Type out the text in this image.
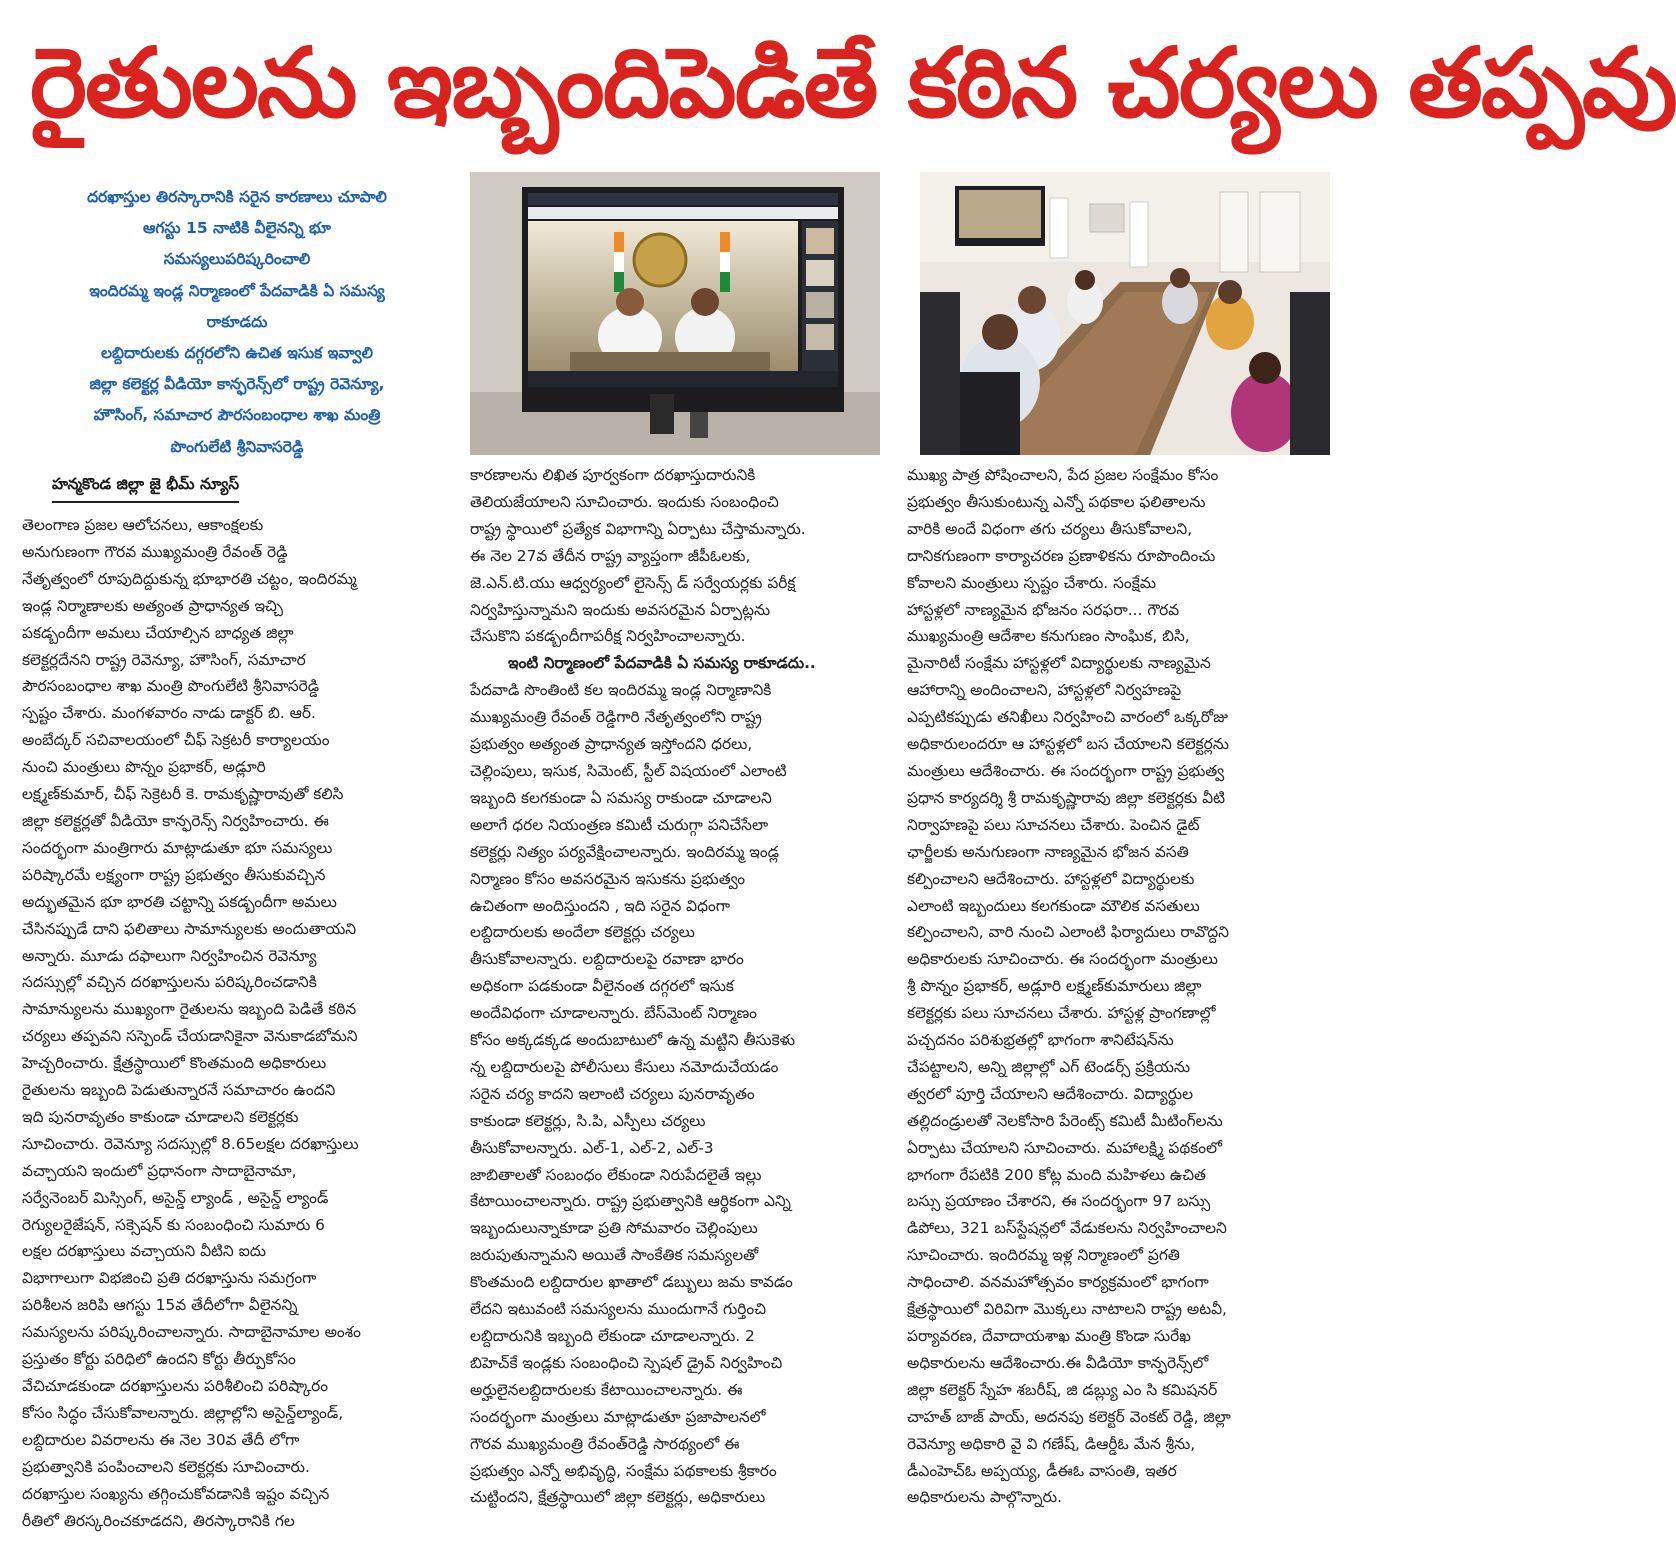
రైతులను ఇబ్బందిపెడితే కఠిన చర్యలు తప్పవు
దరఖాస్తుల తిరస్కారానికి సరైన కారణాలు చూపాలి
ఆగస్టు 15 నాటికి వీలైనన్ని భూ
సమస్యలుపరిష్కరించాలి
ఇందిరమ్మ ఇండ్ల నిర్మాణంలో పేదవాడికి ఏ సమస్య
రాకూడదు
లబ్దిదారులకు దగ్గరలోని ఉచిత ఇసుక ఇవ్వాలి
జిల్లా కలెక్టర్ల వీడియో కాన్ఫరెన్స్‌లో రాష్ట్ర రెవెన్యూ,
హౌసింగ్, సమాచార పౌరసంబంధాల శాఖ మంత్రి
పొంగులేటి శ్రీనివాసరెడ్డి
హన్మకొండ జిల్లా జై భీమ్ న్యూస్
తెలంగాణ ప్రజల ఆలోచనలు, ఆకాంక్షలకు
అనుగుణంగా గౌరవ ముఖ్యమంత్రి రేవంత్ రెడ్డి
నేతృత్వంలో రూపుదిద్దుకున్న భూభారతి చట్టం, ఇందిరమ్మ
ఇండ్ల నిర్మాణాలకు అత్యంత ప్రాధాన్యత ఇచ్చి
పకడ్బందీగా అమలు చేయాల్సిన బాధ్యత జిల్లా
కలెక్టర్లదేనని రాష్ట్ర రెవెన్యూ, హౌసింగ్, సమాచార
పౌరసంబంధాల శాఖ మంత్రి పొంగులేటి శ్రీనివాసరెడ్డి
స్పష్టం చేశారు. మంగళవారం నాడు డాక్టర్ బి. ఆర్.
అంబేద్కర్ సచివాలయంలో చీఫ్ సెక్రటరీ కార్యాలయం
నుంచి మంత్రులు పొన్నం ప్రభాకర్, అడ్లూరి
లక్ష్మణ్‌కుమార్, చీఫ్ సెక్రెటరీ కె. రామకృష్ణారావుతో కలిసి
జిల్లా కలెక్టర్లతో వీడియో కాన్ఫరెన్స్ నిర్వహించారు. ఈ
సందర్భంగా మంత్రిగారు మాట్లాడుతూ భూ సమస్యలు
పరిష్కారమే లక్ష్యంగా రాష్ట్ర ప్రభుత్వం తీసుకువచ్చిన
అద్భుతమైన భూ భారతి చట్టాన్ని పకడ్బందీగా అమలు
చేసినప్పుడే దాని ఫలితాలు సామాన్యులకు అందుతాయని
అన్నారు. మూడు దఫాలుగా నిర్వహించిన రెవెన్యూ
సదస్సుల్లో వచ్చిన దరఖాస్తులను పరిష్కరించడానికి
సామాన్యులను ముఖ్యంగా రైతులను ఇబ్బంది పెడితే కఠిన
చర్యలు తప్పవని సస్పెండ్ చేయడానికైనా వెనుకాడబోమని
హెచ్చరించారు. క్షేత్రస్థాయిలో కొంతమంది అధికారులు
రైతులను ఇబ్బంది పెడుతున్నారనే సమాచారం ఉందని
ఇది పునరావృతం కాకుండా చూడాలని కలెక్టర్లకు
సూచించారు. రెవెన్యూ సదస్సుల్లో 8.65లక్షల దరఖాస్తులు
వచ్చాయని ఇందులో ప్రధానంగా సాదాబైనామా,
సర్వేనెంబర్ మిస్సింగ్, అసైన్డ్ ల్యాండ్ , అసైన్డ్ ల్యాండ్
రెగ్యులరైజేషన్, సక్సెషన్ కు సంబంధించి సుమారు 6
లక్షల దరఖాస్తులు వచ్చాయని వీటిని ఐదు
విభాగాలుగా విభజించి ప్రతి దరఖాస్తును సమగ్రంగా
పరిశీలన జరిపి ఆగస్టు 15వ తేదీలోగా వీలైనన్ని
సమస్యలను పరిష్కరించాలన్నారు. సాదాబైనామాల అంశం
ప్రస్తుతం కోర్టు పరిధిలో ఉందని కోర్టు తీర్పుకోసం
వేచిచూడకుండా దరఖాస్తులను పరిశీలించి పరిష్కారం
కోసం సిద్ధం చేసుకోవాలన్నారు. జిల్లాల్లోని అసైన్డ్‌ల్యాండ్,
లబ్దిదారుల వివరాలను ఈ నెల 30వ తేదీ లోగా
ప్రభుత్వానికి పంపించాలని కలెక్టర్లకు సూచించారు.
దరఖాస్తుల సంఖ్యను తగ్గించుకోవడానికి ఇష్టం వచ్చిన
రీతిలో తిరస్కరించకూడదని, తిరస్కారానికి గల
కారణాలను లిఖిత పూర్వకంగా దరఖాస్తుదారునికి
తెలియజేయాలని సూచించారు. ఇందుకు సంబంధించి
రాష్ట్ర స్థాయిలో ప్రత్యేక విభాగాన్ని ఏర్పాటు చేస్తామన్నారు.
ఈ నెల 27వ తేదీన రాష్ట్ర వ్యాప్తంగా జీపీఓలకు,
జె.ఎన్.టి.యు ఆధ్వర్యంలో లైసెన్స్ డ్ సర్వేయర్లకు పరీక్ష
నిర్వహిస్తున్నామని ఇందుకు అవసరమైన ఏర్పాట్లను
చేసుకొని పకడ్బందీగాపరీక్ష నిర్వహించాలన్నారు.
ఇంటి నిర్మాణంలో పేదవాడికి ఏ సమస్య రాకూడదు..
పేదవాడి సొంతింటి కల ఇందిరమ్మ ఇండ్ల నిర్మాణానికి
ముఖ్యమంత్రి రేవంత్ రెడ్డిగారి నేతృత్వంలోని రాష్ట్ర
ప్రభుత్వం అత్యంత ప్రాధాన్యత ఇస్తోందని ధరలు,
చెల్లింపులు, ఇసుక, సిమెంట్, స్టీల్ విషయంలో ఎలాంటి
ఇబ్బంది కలగకుండా ఏ సమస్య రాకుండా చూడాలని
అలాగే ధరల నియంత్రణ కమిటీ చురుగ్గా పనిచేసేలా
కలెక్టర్లు నిత్యం పర్యవేక్షించాలన్నారు. ఇందిరమ్మ ఇండ్ల
నిర్మాణం కోసం అవసరమైన ఇసుకను ప్రభుత్వం
ఉచితంగా అందిస్తుందని , ఇది సరైన విధంగా
లబ్దిదారులకు అందేలా కలెక్టర్లు చర్యలు
తీసుకోవాలన్నారు. లబ్దిదారులపై రవాణా భారం
అధికంగా పడకుండా వీలైనంత దగ్గరలో ఇసుక
అందేవిధంగా చూడాలన్నారు. బేస్‌మెంట్ నిర్మాణం
కోసం అక్కడక్కడ అందుబాటులో ఉన్న మట్టిని తీసుకెళు
న్న లబ్దిదారులపై పోలీసులు కేసులు నమోదుచేయడం
సరైన చర్య కాదని ఇలాంటి చర్యలు పునరావృతం
కాకుండా కలెక్టర్లు, సి.పి, ఎస్పీలు చర్యలు
తీసుకోవాలన్నారు. ఎల్-1, ఎల్-2, ఎల్-3
జాబితాలతో సంబంధం లేకుండా నిరుపేదలైతే ఇల్లు
కేటాయించాలన్నారు. రాష్ట్ర ప్రభుత్వానికి ఆర్థికంగా ఎన్ని
ఇబ్బందులున్నాకూడా ప్రతి సోమవారం చెల్లింపులు
జరుపుతున్నామని అయితే సాంకేతిక సమస్యలతో
కొంతమంది లబ్దిదారుల ఖాతాలో డబ్బులు జమ కావడం
లేదని ఇటువంటి సమస్యలను ముందుగానే గుర్తించి
లబ్దిదారునికి ఇబ్బంది లేకుండా చూడాలన్నారు. 2
బిహెచ్‌కే ఇండ్లకు సంబంధించి స్పెషల్ డ్రైవ్ నిర్వహించి
అర్హులైనలబ్దిదారులకు కేటాయించాలన్నారు. ఈ
సందర్భంగా మంత్రులు మాట్లాడుతూ ప్రజాపాలనలో
గౌరవ ముఖ్యమంత్రి రేవంత్‌రెడ్డి సారథ్యంలో ఈ
ప్రభుత్వం ఎన్నో అభివృద్ధి, సంక్షేమ పథకాలకు శ్రీకారం
చుట్టిందని, క్షేత్రస్థాయిలో జిల్లా కలెక్టర్లు, అధికారులు
ముఖ్య పాత్ర పోషించాలని, పేద ప్రజల సంక్షేమం కోసం
ప్రభుత్వం తీసుకుంటున్న ఎన్నో పథకాల ఫలితాలను
వారికి అందే విధంగా తగు చర్యలు తీసుకోవాలని,
దానికగుణంగా కార్యాచరణ ప్రణాళికను రూపొందించు
కోవాలని మంత్రులు స్పష్టం చేశారు. సంక్షేమ
హాస్టళ్లలో నాణ్యమైన భోజనం సరఫరా... గౌరవ
ముఖ్యమంత్రి ఆదేశాల కనుగుణం సాంఘిక, బిసి,
మైనారిటీ సంక్షేమ హాస్టళ్లలో విద్యార్థులకు నాణ్యమైన
ఆహారాన్ని అందించాలని, హాస్టళ్లలో నిర్వహణపై
ఎప్పటికప్పుడు తనిఖీలు నిర్వహించి వారంలో ఒక్కరోజు
అధికారులందరూ ఆ హాస్టళ్లలో బస చేయాలని కలెక్టర్లను
మంత్రులు ఆదేశించారు. ఈ సందర్భంగా రాష్ట్ర ప్రభుత్వ
ప్రధాన కార్యదర్శి శ్రీ రామకృష్ణారావు జిల్లా కలెక్టర్లకు వీటి
నిర్వాహణపై పలు సూచనలు చేశారు. పెంచిన డైట్
ఛార్జీలకు అనుగుణంగా నాణ్యమైన భోజన వసతి
కల్పించాలని ఆదేశించారు. హాస్టళ్లలో విద్యార్థులకు
ఎలాంటి ఇబ్బందులు కలగకుండా మౌలిక వసతులు
కల్పించాలని, వారి నుంచి ఎలాంటి ఫిర్యాదులు రావొద్దని
అధికారులకు సూచించారు. ఈ సందర్భంగా మంత్రులు
శ్రీ పొన్నం ప్రభాకర్, అడ్లూరి లక్ష్మణ్‌కుమారులు జిల్లా
కలెక్టర్లకు పలు సూచనలు చేశారు. హాస్టళ్ల ప్రాంగణాల్లో
పచ్చదనం పరిశుభ్రతల్లో భాగంగా శానిటేషన్‌ను
చేపట్టాలని, అన్ని జిల్లాల్లో ఎగ్ టెండర్స్ ప్రక్రియను
త్వరలో పూర్తి చేయాలని ఆదేశించారు. విద్యార్థుల
తల్లిదండ్రులతో నెలకోసారి పేరెంట్స్ కమిటీ మీటింగ్‌లను
ఏర్పాటు చేయాలని సూచించారు. మహాలక్ష్మి పథకంలో
భాగంగా రేపటికి 200 కోట్ల మంది మహిళలు ఉచిత
బస్సు ప్రయాణం చేశారని, ఈ సందర్భంగా 97 బస్సు
డిపోలు, 321 బస్‌స్టేషన్లలో వేడుకలను నిర్వహించాలని
సూచించారు. ఇందిరమ్మ ఇళ్ల నిర్మాణంలో ప్రగతి
సాధించాలి. వనమహోత్సవం కార్యక్రమంలో భాగంగా
క్షేత్రస్థాయిలో విరివిగా మొక్కలు నాటాలని రాష్ట్ర అటవీ,
పర్యావరణ, దేవాదాయశాఖ మంత్రి కొండా సురేఖ
అధికారులను ఆదేశించారు.ఈ వీడియో కాన్ఫరెన్స్‌లో
జిల్లా కలెక్టర్ స్నేహ శబరీష్, జి డబ్ల్యు ఎం సి కమిషనర్
చాహత్ బాజ్ పాయ్, అదనపు కలెక్టర్ వెంకట్ రెడ్డి, జిల్లా
రెవెన్యూ అధికారి వై వి గణేష్, డిఆర్డీఓ మేన శ్రీను,
డీఎంహెచ్ఓ అప్పయ్య, డీఈఓ వాసంతి, ఇతర
అధికారులను పాల్గొన్నారు.
